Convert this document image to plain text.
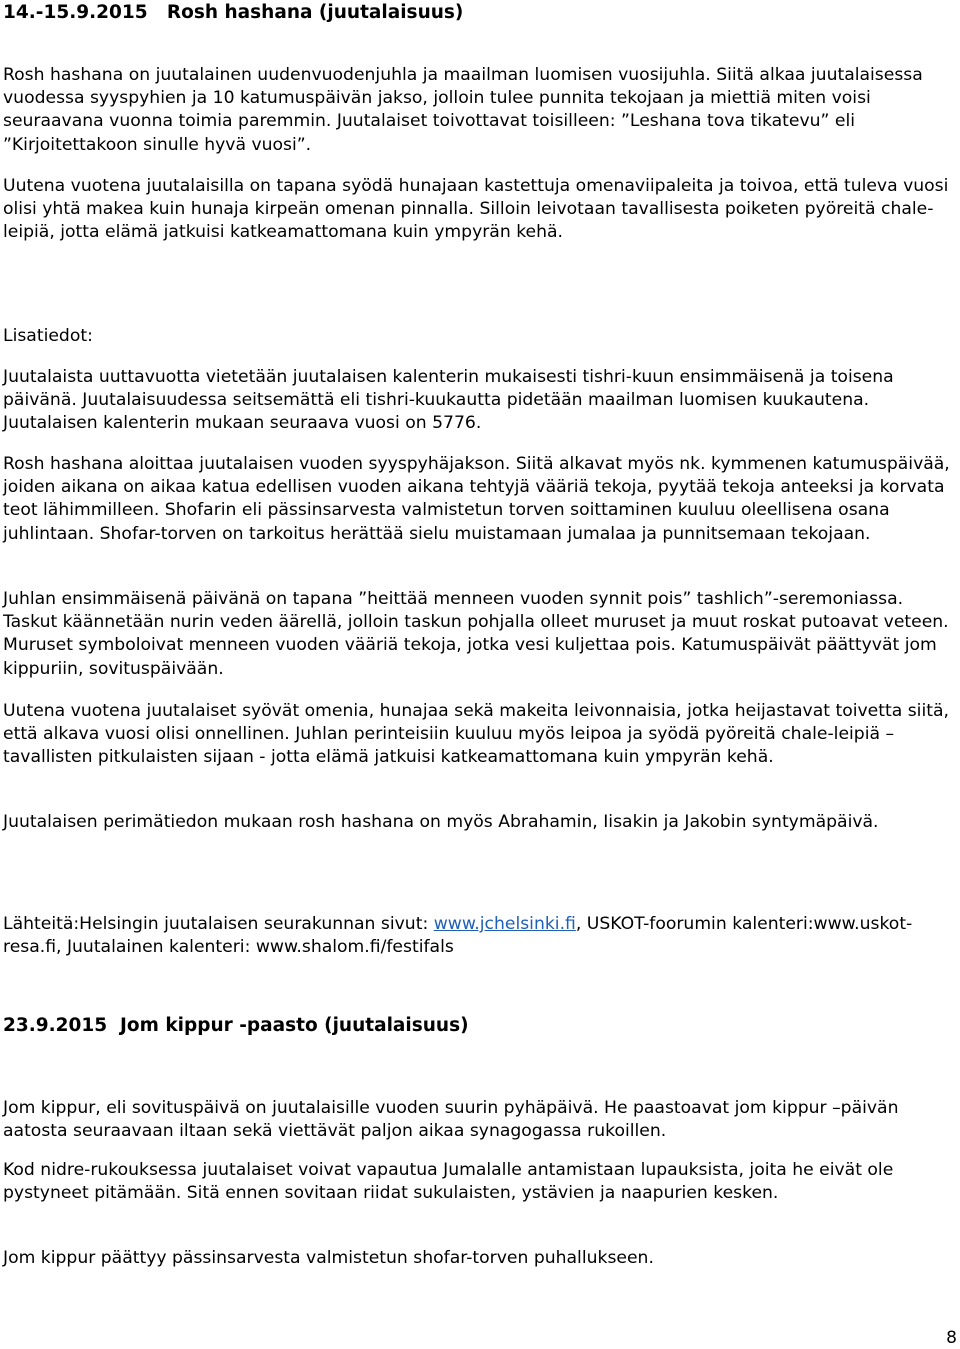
14.-15.9.2015   Rosh hashana (juutalaisuus)

Rosh hashana on juutalainen uudenvuodenjuhla ja maailman luomisen vuosijuhla. Siitä alkaa juutalaisessa vuodessa syyspyhien ja 10 katumuspäivän jakso, jolloin tulee punnita tekojaan ja miettiä miten voisi seuraavana vuonna toimia paremmin. Juutalaiset toivottavat toisilleen: ”Leshana tova tikatevu” eli ”Kirjoitettakoon sinulle hyvä vuosi”.

Uutena vuotena juutalaisilla on tapana syödä hunajaan kastettuja omenaviipaleita ja toivoa, että tuleva vuosi olisi yhtä makea kuin hunaja kirpeän omenan pinnalla. Silloin leivotaan tavallisesta poiketen pyöreitä chale-leipiä, jotta elämä jatkuisi katkeamattomana kuin ympyrän kehä.

Lisatiedot:

Juutalaista uuttavuotta vietetään juutalaisen kalenterin mukaisesti tishri-kuun ensimmäisenä ja toisena päivänä. Juutalaisuudessa seitsemättä eli tishri-kuukautta pidetään maailman luomisen kuukautena. Juutalaisen kalenterin mukaan seuraava vuosi on 5776.

Rosh hashana aloittaa juutalaisen vuoden syyspyhäjakson. Siitä alkavat myös nk. kymmenen katumuspäivää, joiden aikana on aikaa katua edellisen vuoden aikana tehtyjä vääriä tekoja, pyytää tekoja anteeksi ja korvata teot lähimmilleen. Shofarin eli pässinsarvesta valmistetun torven soittaminen kuuluu oleellisena osana juhlintaan. Shofar-torven on tarkoitus herättää sielu muistamaan jumalaa ja punnitsemaan tekojaan.

Juhlan ensimmäisenä päivänä on tapana ”heittää menneen vuoden synnit pois” tashlich”-seremoniassa. Taskut käännetään nurin veden äärellä, jolloin taskun pohjalla olleet muruset ja muut roskat putoavat veteen. Muruset symboloivat menneen vuoden vääriä tekoja, jotka vesi kuljettaa pois. Katumuspäivät päättyvät jom kippuriin, sovituspäivään.

Uutena vuotena juutalaiset syövät omenia, hunajaa sekä makeita leivonnaisia, jotka heijastavat toivetta siitä, että alkava vuosi olisi onnellinen. Juhlan perinteisiin kuuluu myös leipoa ja syödä pyöreitä chale-leipiä – tavallisten pitkulaisten sijaan - jotta elämä jatkuisi katkeamattomana kuin ympyrän kehä.

Juutalaisen perimätiedon mukaan rosh hashana on myös Abrahamin, Iisakin ja Jakobin syntymäpäivä.

Lähteitä:Helsingin juutalaisen seurakunnan sivut: www.jchelsinki.fi, USKOT-foorumin kalenteri:www.uskot-resa.fi, Juutalainen kalenteri: www.shalom.fi/festifals

23.9.2015  Jom kippur -paasto (juutalaisuus)

Jom kippur, eli sovituspäivä on juutalaisille vuoden suurin pyhäpäivä. He paastoavat jom kippur –päivän aatosta seuraavaan iltaan sekä viettävät paljon aikaa synagogassa rukoillen.

Kod nidre-rukouksessa juutalaiset voivat vapautua Jumalalle antamistaan lupauksista, joita he eivät ole pystyneet pitämään. Sitä ennen sovitaan riidat sukulaisten, ystävien ja naapurien kesken.

Jom kippur päättyy pässinsarvesta valmistetun shofar-torven puhallukseen.

8
